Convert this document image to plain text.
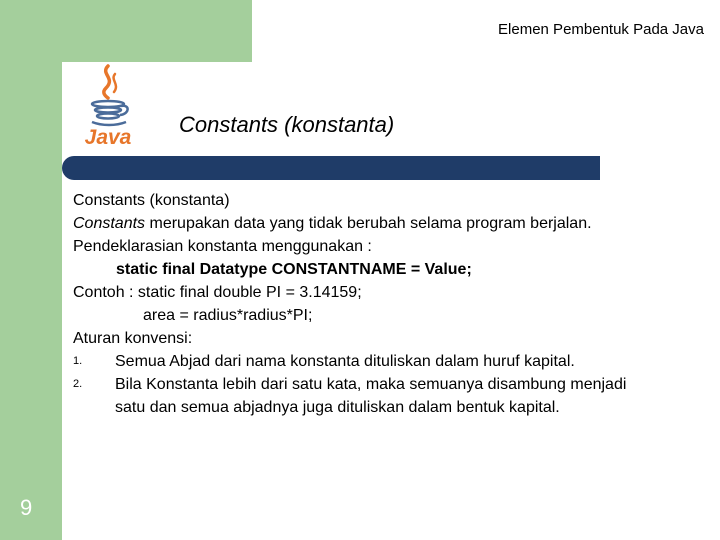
Elemen Pembentuk Pada Java
Java
Constants (konstanta)
Constants (konstanta)
Constants merupakan data yang tidak berubah selama program berjalan.
Pendeklarasian konstanta menggunakan :
static final Datatype CONSTANTNAME = Value;
Contoh : static final double PI = 3.14159;
area = radius*radius*PI;
Aturan konvensi:
1.	Semua Abjad dari nama konstanta dituliskan dalam huruf kapital.
2.	Bila Konstanta lebih dari satu kata, maka semuanya disambung menjadi satu dan semua abjadnya juga dituliskan dalam bentuk kapital.
9
